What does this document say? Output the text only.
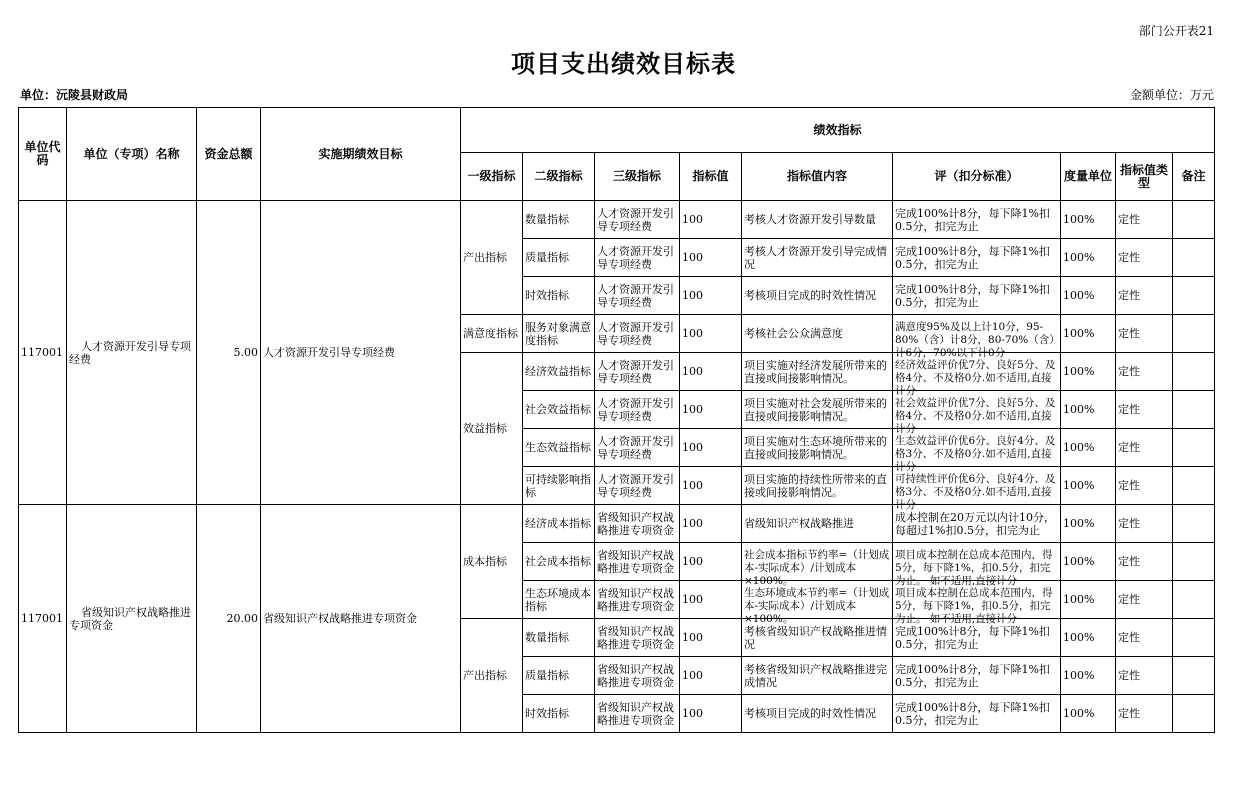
部门公开表21
项目支出绩效目标表
单位：沅陵县财政局	金额单位：万元
单位代码	单位（专项）名称	资金总额	实施期绩效目标	绩效指标								
				一级指标	二级指标	三级指标	指标值	指标值内容	评（扣分标准）	度量单位	指标值类型	备注
117001	人才资源开发引导专项经费	5.00	人才资源开发引导专项经费	产出指标	数量指标	人才资源开发引导专项经费	100	考核人才资源开发引导数量	完成100%计8分，每下降1%扣0.5分，扣完为止	100%	定性	
					质量指标	人才资源开发引导专项经费	100	考核人才资源开发引导完成情况	完成100%计8分，每下降1%扣0.5分，扣完为止	100%	定性	
					时效指标	人才资源开发引导专项经费	100	考核项目完成的时效性情况	完成100%计8分，每下降1%扣0.5分，扣完为止	100%	定性	
				满意度指标	服务对象满意度指标	人才资源开发引导专项经费	100	考核社会公众满意度	满意度95%及以上计10分，95-80%（含）计8分，80-70%（含）计6分，70%以下计0分	100%	定性	
				效益指标	经济效益指标	人才资源开发引导专项经费	100	项目实施对经济发展所带来的直接或间接影响情况。	经济效益评价优7分、良好5分、及格4分、不及格0分.如不适用,直接计分	100%	定性	
					社会效益指标	人才资源开发引导专项经费	100	项目实施对社会发展所带来的直接或间接影响情况。	社会效益评价优7分、良好5分、及格4分、不及格0分.如不适用,直接计分	100%	定性	
					生态效益指标	人才资源开发引导专项经费	100	项目实施对生态环境所带来的直接或间接影响情况。	生态效益评价优6分、良好4分、及格3分、不及格0分.如不适用,直接计分	100%	定性	

					可持续影响指标	人才资源开发引导专项经费	100	项目实施的持续性所带来的直接或间接影响情况。	可持续性评价优6分、良好4分、及格3分、不及格0分.如不适用,直接计分	100%	定性	
117001	省级知识产权战略推进专项资金	20.00	省级知识产权战略推进专项资金	成本指标	经济成本指标	省级知识产权战略推进专项资金	100	省级知识产权战略推进	成本控制在20万元以内计10分，每超过1%扣0.5分，扣完为止	100%	定性	
					社会成本指标	省级知识产权战略推进专项资金	100	社会成本指标节约率=（计划成本-实际成本）/计划成本×100%。	项目成本控制在总成本范围内，得5分，每下降1%，扣0.5分，扣完为止。 如不适用,直接计分	100%	定性	

					生态环境成本指标	省级知识产权战略推进专项资金	100	生态环境成本节约率=（计划成本-实际成本）/计划成本×100%。	项目成本控制在总成本范围内，得5分，每下降1%，扣0.5分，扣完为止。 如不适用,直接计分	100%	定性	
				产出指标	数量指标	省级知识产权战略推进专项资金	100	考核省级知识产权战略推进情况	完成100%计8分，每下降1%扣0.5分，扣完为止	100%	定性	
					质量指标	省级知识产权战略推进专项资金	100	考核省级知识产权战略推进完成情况	完成100%计8分，每下降1%扣0.5分，扣完为止	100%	定性	
					时效指标	省级知识产权战略推进专项资金	100	考核项目完成的时效性情况	完成100%计8分，每下降1%扣0.5分，扣完为止	100%	定性	
